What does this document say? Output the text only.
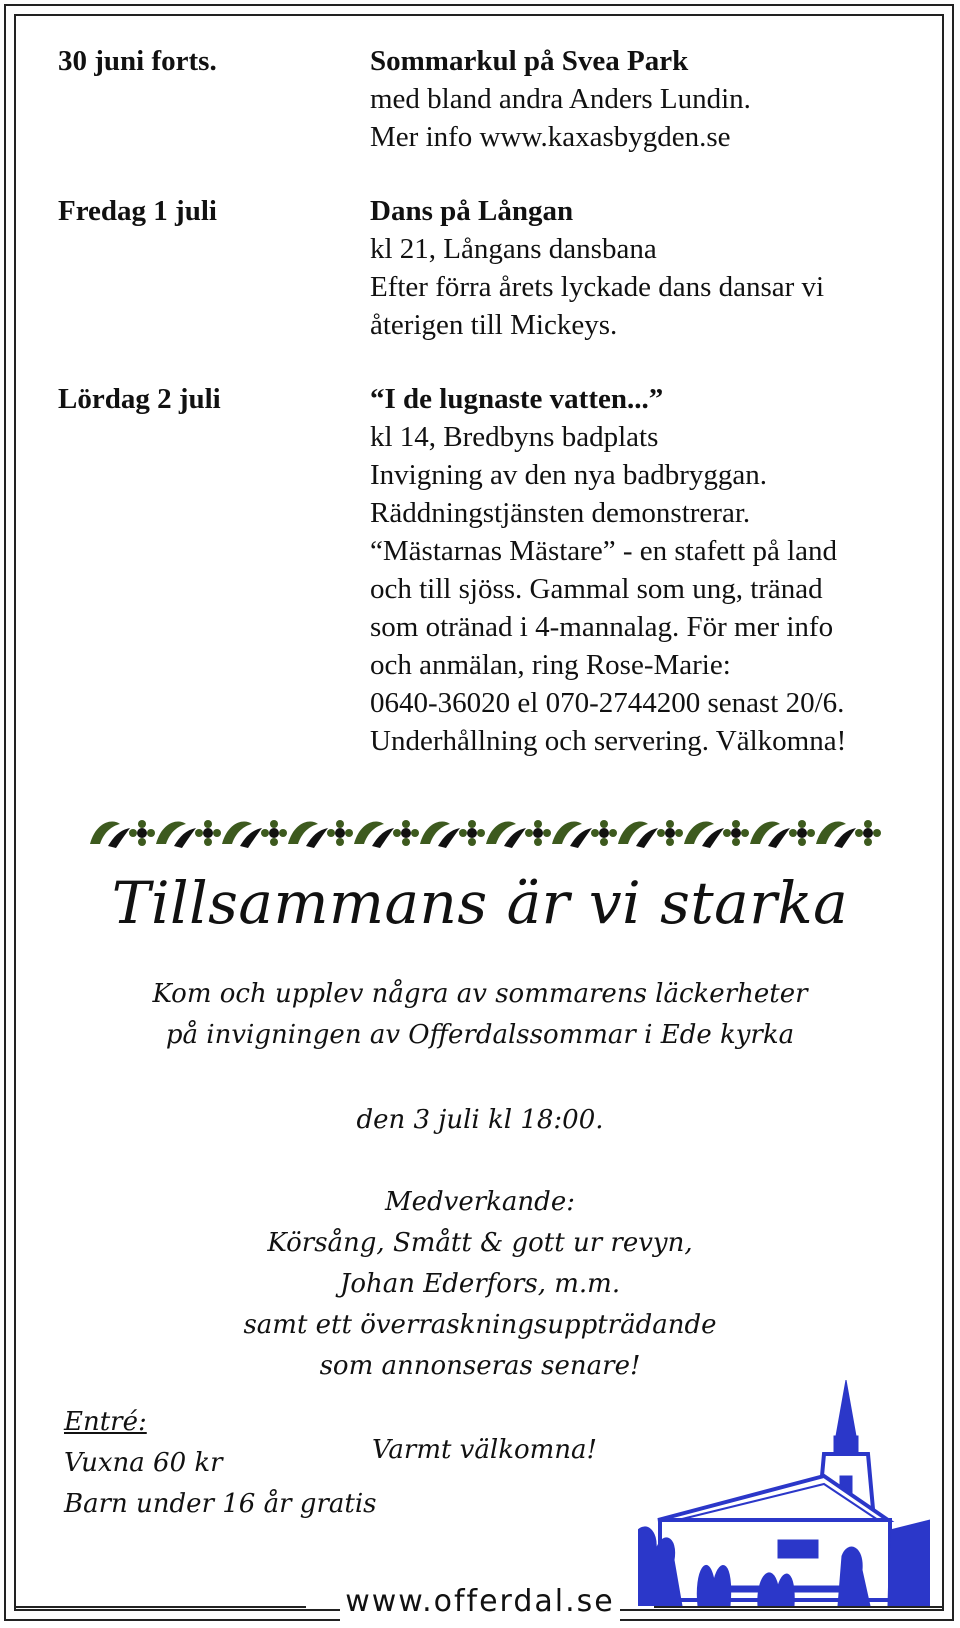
30 juni forts.	Sommarkul på Svea Park
med bland andra Anders Lundin.
Mer info www.kaxasbygden.se
Fredag 1 juli	Dans på Långan
kl 21, Långans dansbana
Efter förra årets lyckade dans dansar vi
återigen till Mickeys.
Lördag 2 juli	“I de lugnaste vatten...”
kl 14, Bredbyns badplats
Invigning av den nya badbryggan.
Räddningstjänsten demonstrerar.
“Mästarnas Mästare” - en stafett på land
och till sjöss. Gammal som ung, tränad
som otränad i 4-mannalag. För mer info
och anmälan, ring Rose-Marie:
0640-36020 el 070-2744200 senast 20/6.
Underhållning och servering. Välkomna!
Tillsammans är vi starka
Kom och upplev några av sommarens läckerheter
på invigningen av Offerdalssommar i Ede kyrka
den 3 juli kl 18:00.
Medverkande:
Körsång, Smått & gott ur revyn,
Johan Ederfors, m.m.
samt ett överraskningsuppträdande
som annonseras senare!
Varmt välkomna!
Entré:
Vuxna 60 kr
Barn under 16 år gratis
www.offerdal.se
